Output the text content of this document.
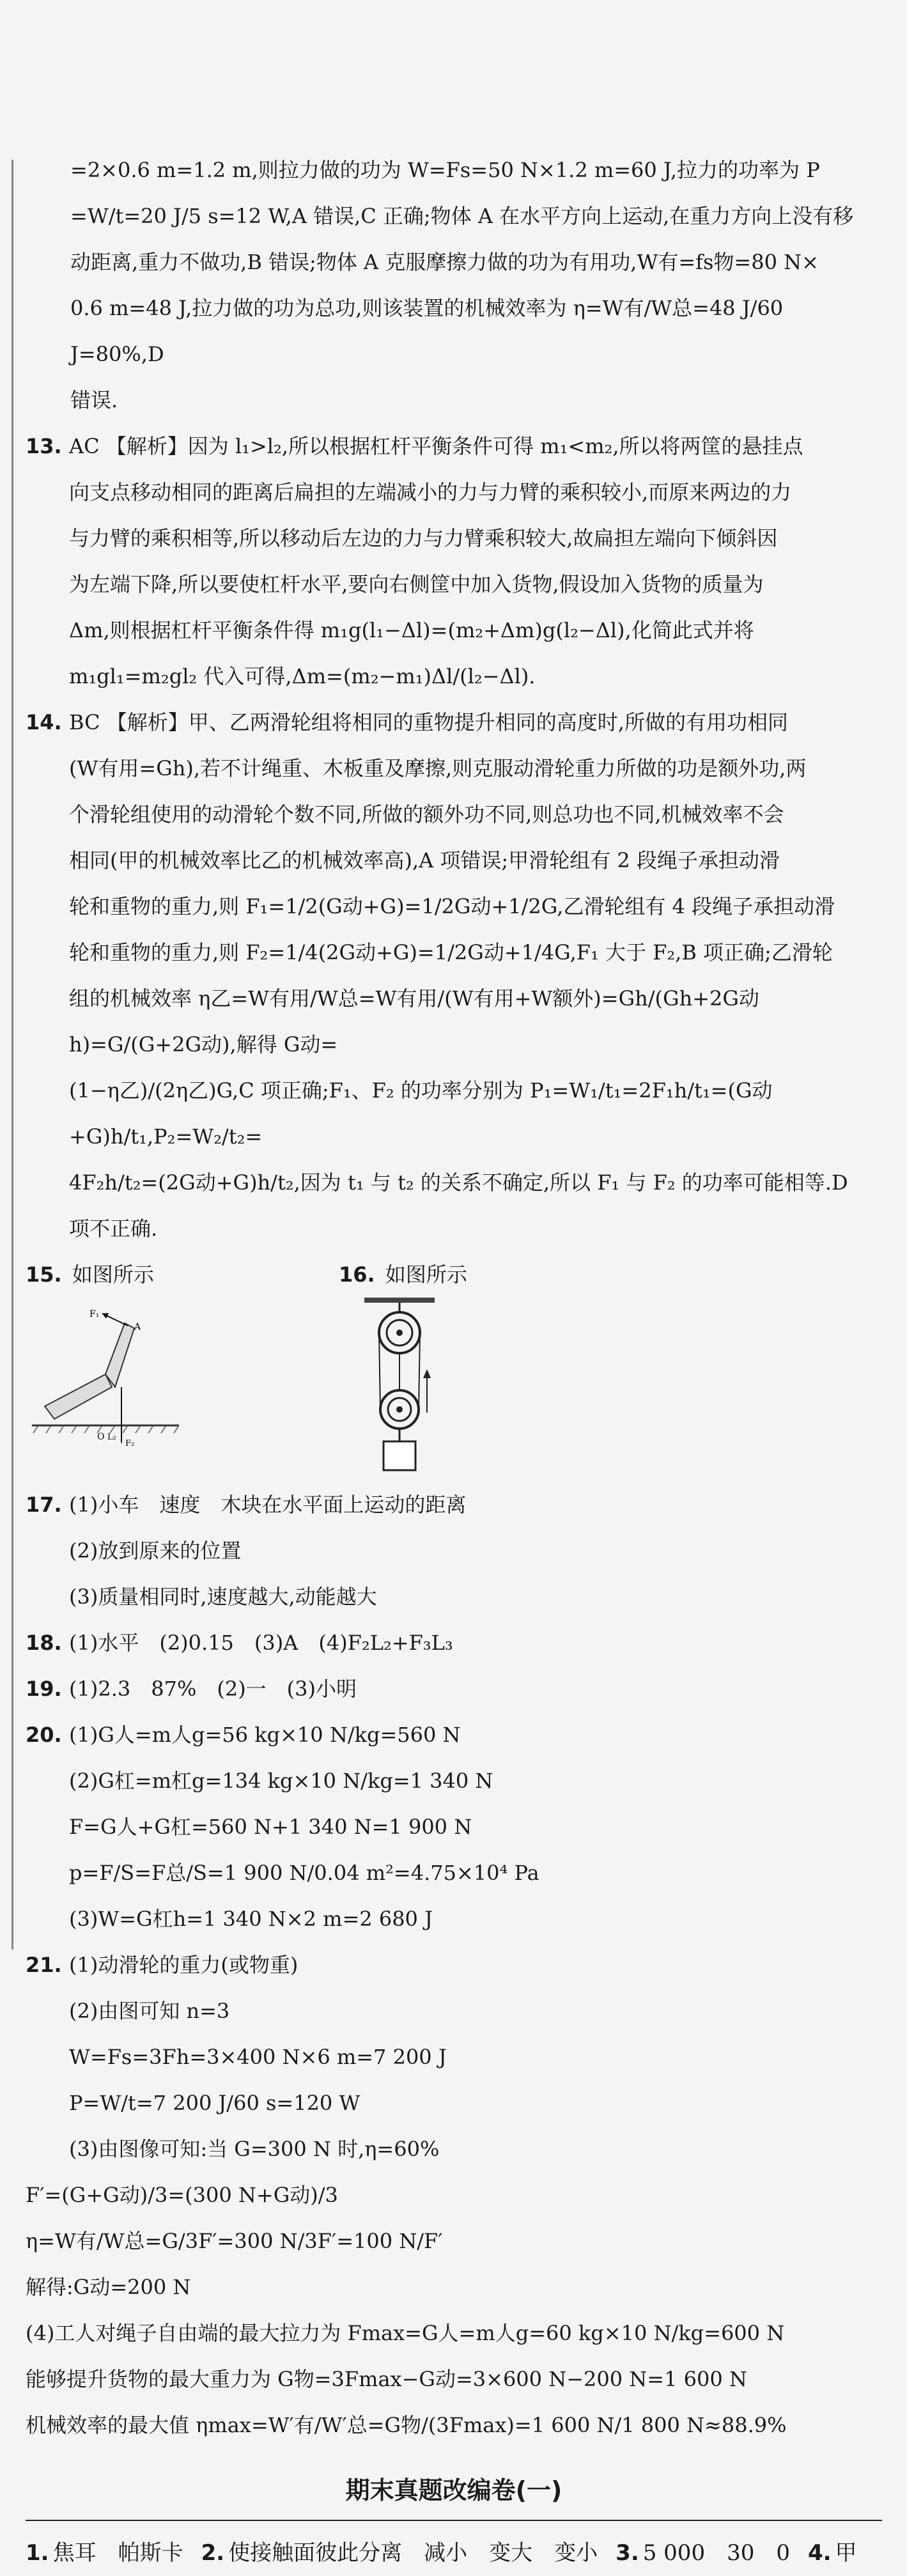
=2×0.6 m=1.2 m,则拉力做的功为 W=Fs=50 N×1.2 m=60 J,拉力的功率为 P

=W/t=20 J/5 s=12 W,A 错误,C 正确;物体 A 在水平方向上运动,在重力方向上没有移

动距离,重力不做功,B 错误;物体 A 克服摩擦力做的功为有用功,W有=fs物=80 N×

0.6 m=48 J,拉力做的功为总功,则该装置的机械效率为 η=W有/W总=48 J/60 J=80%,D

错误.

13. AC 【解析】因为 l₁>l₂,所以根据杠杆平衡条件可得 m₁<m₂,所以将两筐的悬挂点

向支点移动相同的距离后扁担的左端减小的力与力臂的乘积较小,而原来两边的力

与力臂的乘积相等,所以移动后左边的力与力臂乘积较大,故扁担左端向下倾斜因

为左端下降,所以要使杠杆水平,要向右侧筐中加入货物,假设加入货物的质量为

Δm,则根据杠杆平衡条件得 m₁g(l₁−Δl)=(m₂+Δm)g(l₂−Δl),化简此式并将

m₁gl₁=m₂gl₂ 代入可得,Δm=(m₂−m₁)Δl/(l₂−Δl).

14. BC 【解析】甲、乙两滑轮组将相同的重物提升相同的高度时,所做的有用功相同

(W有用=Gh),若不计绳重、木板重及摩擦,则克服动滑轮重力所做的功是额外功,两

个滑轮组使用的动滑轮个数不同,所做的额外功不同,则总功也不同,机械效率不会

相同(甲的机械效率比乙的机械效率高),A 项错误;甲滑轮组有 2 段绳子承担动滑

轮和重物的重力,则 F₁=1/2(G动+G)=1/2G动+1/2G,乙滑轮组有 4 段绳子承担动滑

轮和重物的重力,则 F₂=1/4(2G动+G)=1/2G动+1/4G,F₁ 大于 F₂,B 项正确;乙滑轮

组的机械效率 η乙=W有用/W总=W有用/(W有用+W额外)=Gh/(Gh+2G动h)=G/(G+2G动),解得 G动=

(1−η乙)/(2η乙)G,C 项正确;F₁、F₂ 的功率分别为 P₁=W₁/t₁=2F₁h/t₁=(G动+G)h/t₁,P₂=W₂/t₂=

4F₂h/t₂=(2G动+G)h/t₂,因为 t₁ 与 t₂ 的关系不确定,所以 F₁ 与 F₂ 的功率可能相等.D

项不正确.

15. 如图所示
F₁
A
O L₂
F₂
16. 如图所示
17. (1)小车　速度　木块在水平面上运动的距离

(2)放到原来的位置

(3)质量相同时,速度越大,动能越大

18. (1)水平　(2)0.15　(3)A　(4)F₂L₂+F₃L₃

19. (1)2.3　87%　(2)一　(3)小明

20. (1)G人=m人g=56 kg×10 N/kg=560 N

(2)G杠=m杠g=134 kg×10 N/kg=1 340 N

F=G人+G杠=560 N+1 340 N=1 900 N

p=F/S=F总/S=1 900 N/0.04 m²=4.75×10⁴ Pa

(3)W=G杠h=1 340 N×2 m=2 680 J

21. (1)动滑轮的重力(或物重)

(2)由图可知 n=3

W=Fs=3Fh=3×400 N×6 m=7 200 J

P=W/t=7 200 J/60 s=120 W

(3)由图像可知:当 G=300 N 时,η=60%

F′=(G+G动)/3=(300 N+G动)/3

η=W有/W总=G/3F′=300 N/3F′=100 N/F′

解得:G动=200 N

(4)工人对绳子自由端的最大拉力为 Fmax=G人=m人g=60 kg×10 N/kg=600 N

能够提升货物的最大重力为 G物=3Fmax−G动=3×600 N−200 N=1 600 N

机械效率的最大值 ηmax=W′有/W′总=G物/(3Fmax)=1 600 N/1 800 N≈88.9%

期末真题改编卷(一)
1. 焦耳　帕斯卡 2. 使接触面彼此分离　减小　变大　变小 3. 5 000　30　0 4. 甲
